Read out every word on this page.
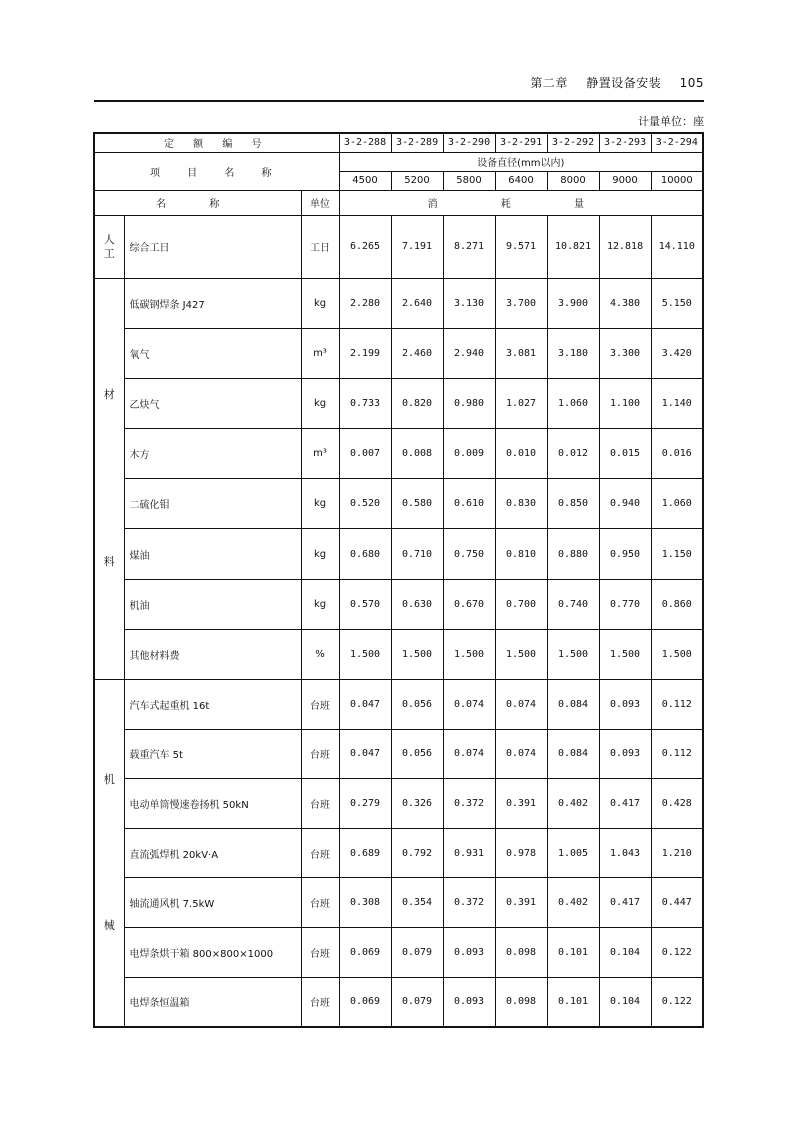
第二章 静置设备安装 105
计量单位：座
定 额 编 号			3-2-288	3-2-289	3-2-290	3-2-291	3-2-292	3-2-293	3-2-294
项 目 名 称			设备直径(mm以内)						
			4500	5200	5800	6400	8000	9000	10000
名 称		单位	消 耗 量						

人
工	综合工日	工日	6.265	7.191	8.271	9.571	10.821	12.818	14.110

材
料	低碳钢焊条 J427	kg	2.280	2.640	3.130	3.700	3.900	4.380	5.150
	氧气	m³	2.199	2.460	2.940	3.081	3.180	3.300	3.420
	乙炔气	kg	0.733	0.820	0.980	1.027	1.060	1.100	1.140
	木方	m³	0.007	0.008	0.009	0.010	0.012	0.015	0.016
	二硫化钼	kg	0.520	0.580	0.610	0.830	0.850	0.940	1.060
	煤油	kg	0.680	0.710	0.750	0.810	0.880	0.950	1.150
	机油	kg	0.570	0.630	0.670	0.700	0.740	0.770	0.860
	其他材料费	%	1.500	1.500	1.500	1.500	1.500	1.500	1.500

机
械	汽车式起重机 16t	台班	0.047	0.056	0.074	0.074	0.084	0.093	0.112
	载重汽车 5t	台班	0.047	0.056	0.074	0.074	0.084	0.093	0.112
	电动单筒慢速卷扬机 50kN	台班	0.279	0.326	0.372	0.391	0.402	0.417	0.428
	直流弧焊机 20kV·A	台班	0.689	0.792	0.931	0.978	1.005	1.043	1.210
	轴流通风机 7.5kW	台班	0.308	0.354	0.372	0.391	0.402	0.417	0.447
	电焊条烘干箱 800×800×1000	台班	0.069	0.079	0.093	0.098	0.101	0.104	0.122
	电焊条恒温箱	台班	0.069	0.079	0.093	0.098	0.101	0.104	0.122
